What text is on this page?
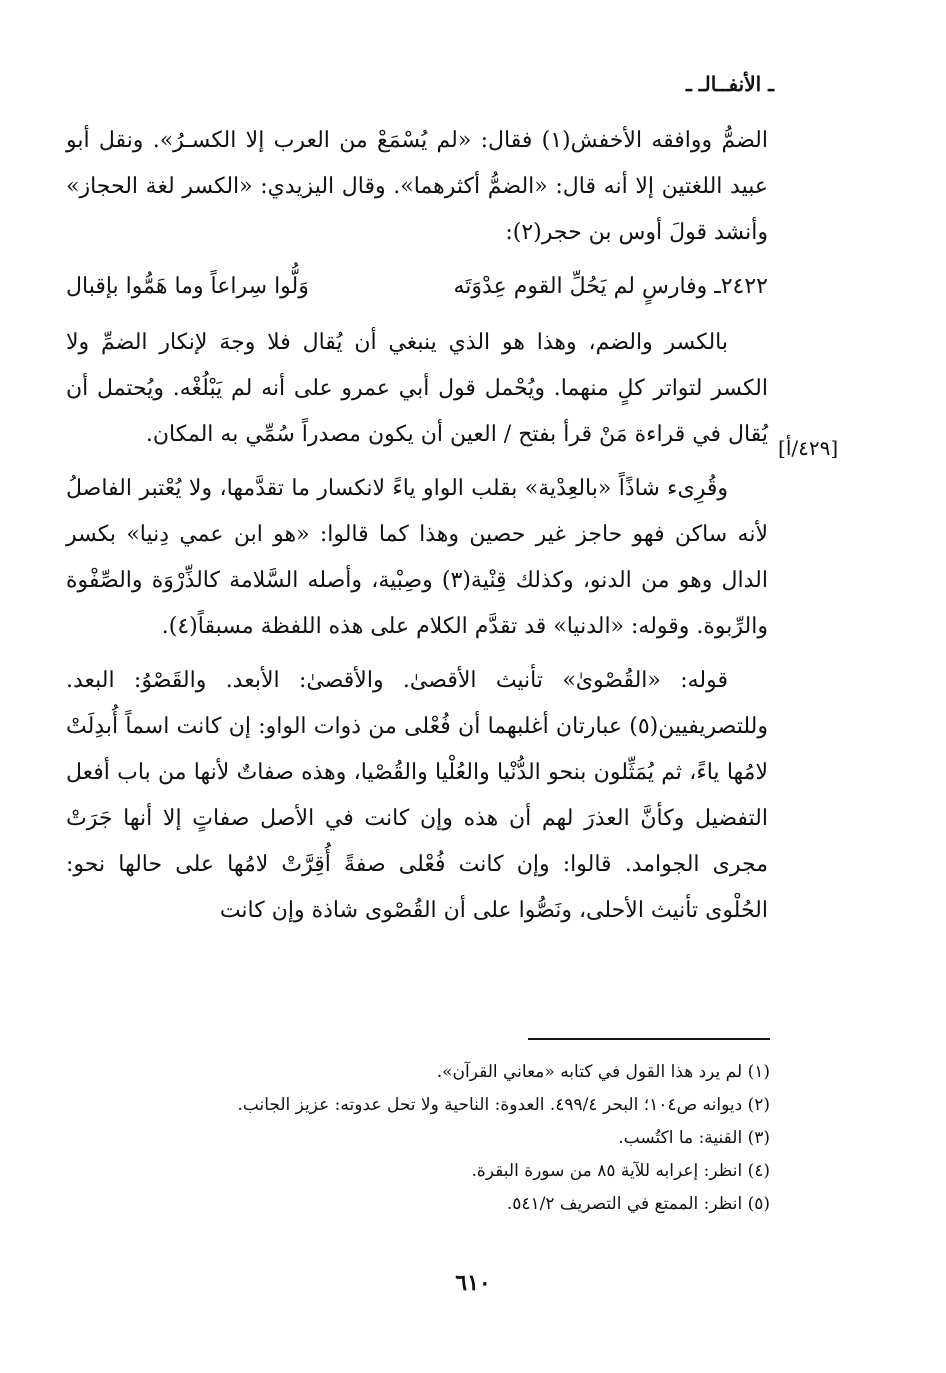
ـ الأنفــالـ ـ
[٤٢٩/أ]

الضمُّ ووافقه الأخفش(١) فقال: «لم يُسْمَعْ من العرب إلا الكسـرُ». ونقل أبو عبيد اللغتين إلا أنه قال: «الضمُّ أكثرهما». وقال اليزيدي: «الكسر لغة الحجاز» وأنشد قولَ أوس بن حجر(٢):

٢٤٢٢ـ وفارسٍ لم يَحُلِّ القوم عِدْوَتَه
وَلُّوا سِراعاً وما هَمُّوا بإقبال

بالكسر والضم، وهذا هو الذي ينبغي أن يُقال فلا وجهَ لإنكار الضمِّ ولا الكسر لتواتر كلٍ منهما. ويُحْمل قول أبي عمرو على أنه لم يَبْلُغْه. ويُحتمل أن يُقال في قراءة مَنْ قرأ بفتح / العين أن يكون مصدراً سُمِّي به المكان.

وقُرِىء شاذًاً «بالعِدْية» بقلب الواو ياءً لانكسار ما تقدَّمها، ولا يُعْتبر الفاصلُ لأنه ساكن فهو حاجز غير حصين وهذا كما قالوا: «هو ابن عمي دِنيا» بكسر الدال وهو من الدنو، وكذلك قِنْية(٣) وصِبْية، وأصله السَّلامة كالذِّرْوَة والصِّفْوة والرِّبوة. وقوله: «الدنيا» قد تقدَّم الكلام على هذه اللفظة مسبقاً(٤).

قوله: «القُصْوىٰ» تأنيث الأقصىٰ. والأقصىٰ: الأبعد. والقَصْوُ: البعد. وللتصريفيين(٥) عبارتان أغلبهما أن فُعْلى من ذوات الواو: إن كانت اسماً أُبدِلَتْ لامُها ياءً، ثم يُمَثِّلون بنحو الدُّنْيا والعُلْيا والقُصْيا، وهذه صفاتٌ لأنها من باب أفعل التفضيل وكأنَّ العذرَ لهم أن هذه وإن كانت في الأصل صفاتٍ إلا أنها جَرَتْ مجرى الجوامد. قالوا: وإن كانت فُعْلى صفةً أُقِرَّتْ لامُها على حالها نحو: الحُلْوى تأنيث الأحلى، ونَصُّوا على أن القُصْوى شاذة وإن كانت

(١) لم يرد هذا القول في كتابه «معاني القرآن».
(٢) ديوانه ص١٠٤؛ البحر ٤٩٩/٤. العدوة: الناحية ولا تحل عدوته: عزيز الجانب.
(٣) القنية: ما اكتُسب.
(٤) انظر: إعرابه للآية ٨٥ من سورة البقرة.
(٥) انظر: الممتع في التصريف ٥٤١/٢.
٦١٠
